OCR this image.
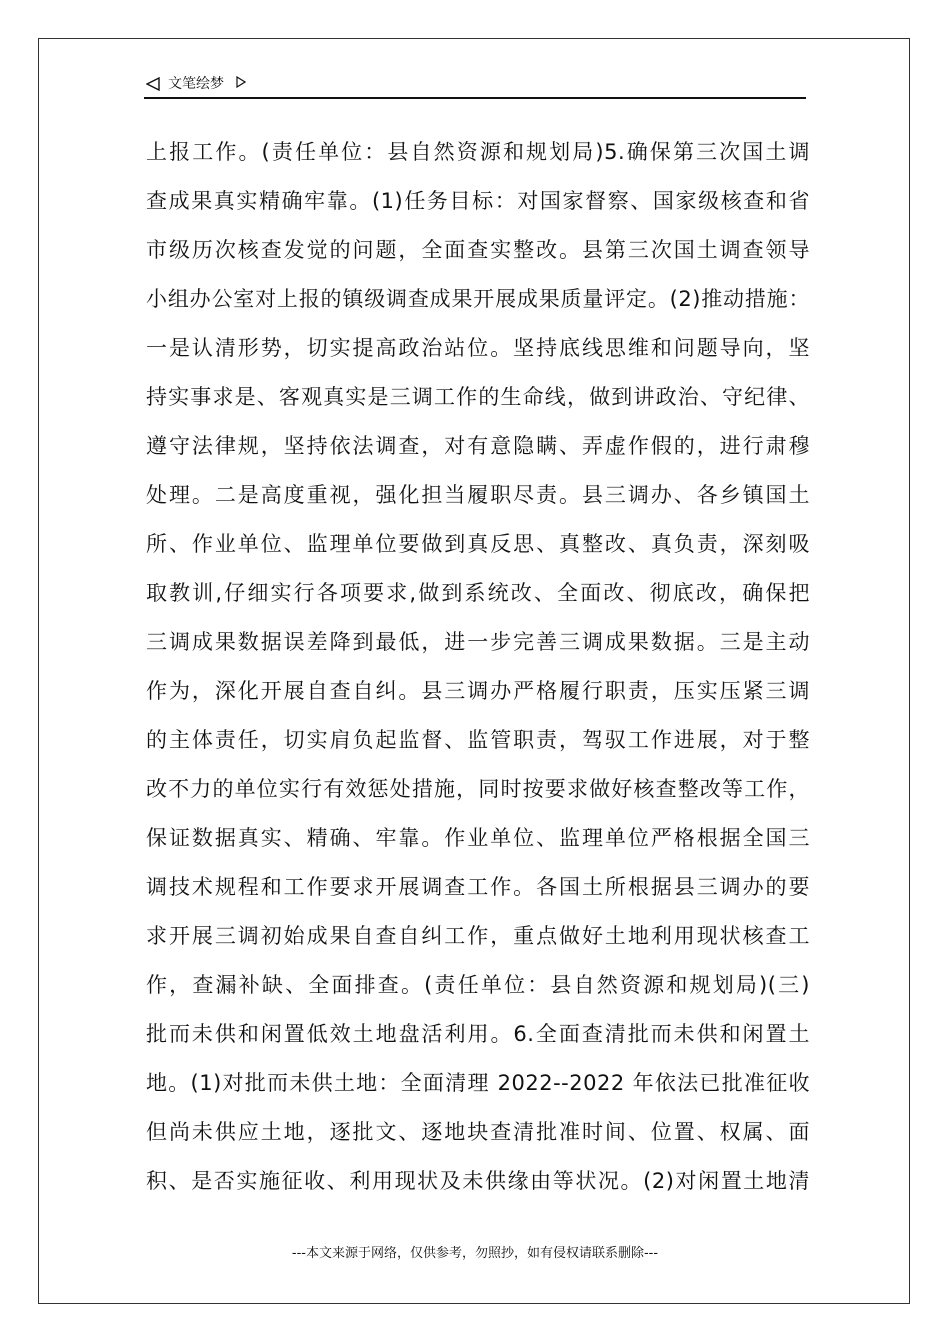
文笔绘梦
上报工作。(责任单位：县自然资源和规划局)5.确保第三次国土调
查成果真实精确牢靠。(1)任务目标：对国家督察、国家级核查和省
市级历次核查发觉的问题，全面查实整改。县第三次国土调查领导
小组办公室对上报的镇级调查成果开展成果质量评定。(2)推动措施：
一是认清形势，切实提高政治站位。坚持底线思维和问题导向，坚
持实事求是、客观真实是三调工作的生命线，做到讲政治、守纪律、
遵守法律规，坚持依法调查，对有意隐瞒、弄虚作假的，进行肃穆
处理。二是高度重视，强化担当履职尽责。县三调办、各乡镇国土
所、作业单位、监理单位要做到真反思、真整改、真负责，深刻吸
取教训,仔细实行各项要求,做到系统改、全面改、彻底改，确保把
三调成果数据误差降到最低，进一步完善三调成果数据。三是主动
作为，深化开展自查自纠。县三调办严格履行职责，压实压紧三调
的主体责任，切实肩负起监督、监管职责，驾驭工作进展，对于整
改不力的单位实行有效惩处措施，同时按要求做好核查整改等工作，
保证数据真实、精确、牢靠。作业单位、监理单位严格根据全国三
调技术规程和工作要求开展调查工作。各国土所根据县三调办的要
求开展三调初始成果自查自纠工作，重点做好土地利用现状核查工
作，查漏补缺、全面排查。(责任单位：县自然资源和规划局)(三)
批而未供和闲置低效土地盘活利用。6.全面查清批而未供和闲置土
地。(1)对批而未供土地：全面清理 2022--2022 年依法已批准征收
但尚未供应土地，逐批文、逐地块查清批准时间、位置、权属、面
积、是否实施征收、利用现状及未供缘由等状况。(2)对闲置土地清
---本文来源于网络，仅供参考，勿照抄，如有侵权请联系删除---
